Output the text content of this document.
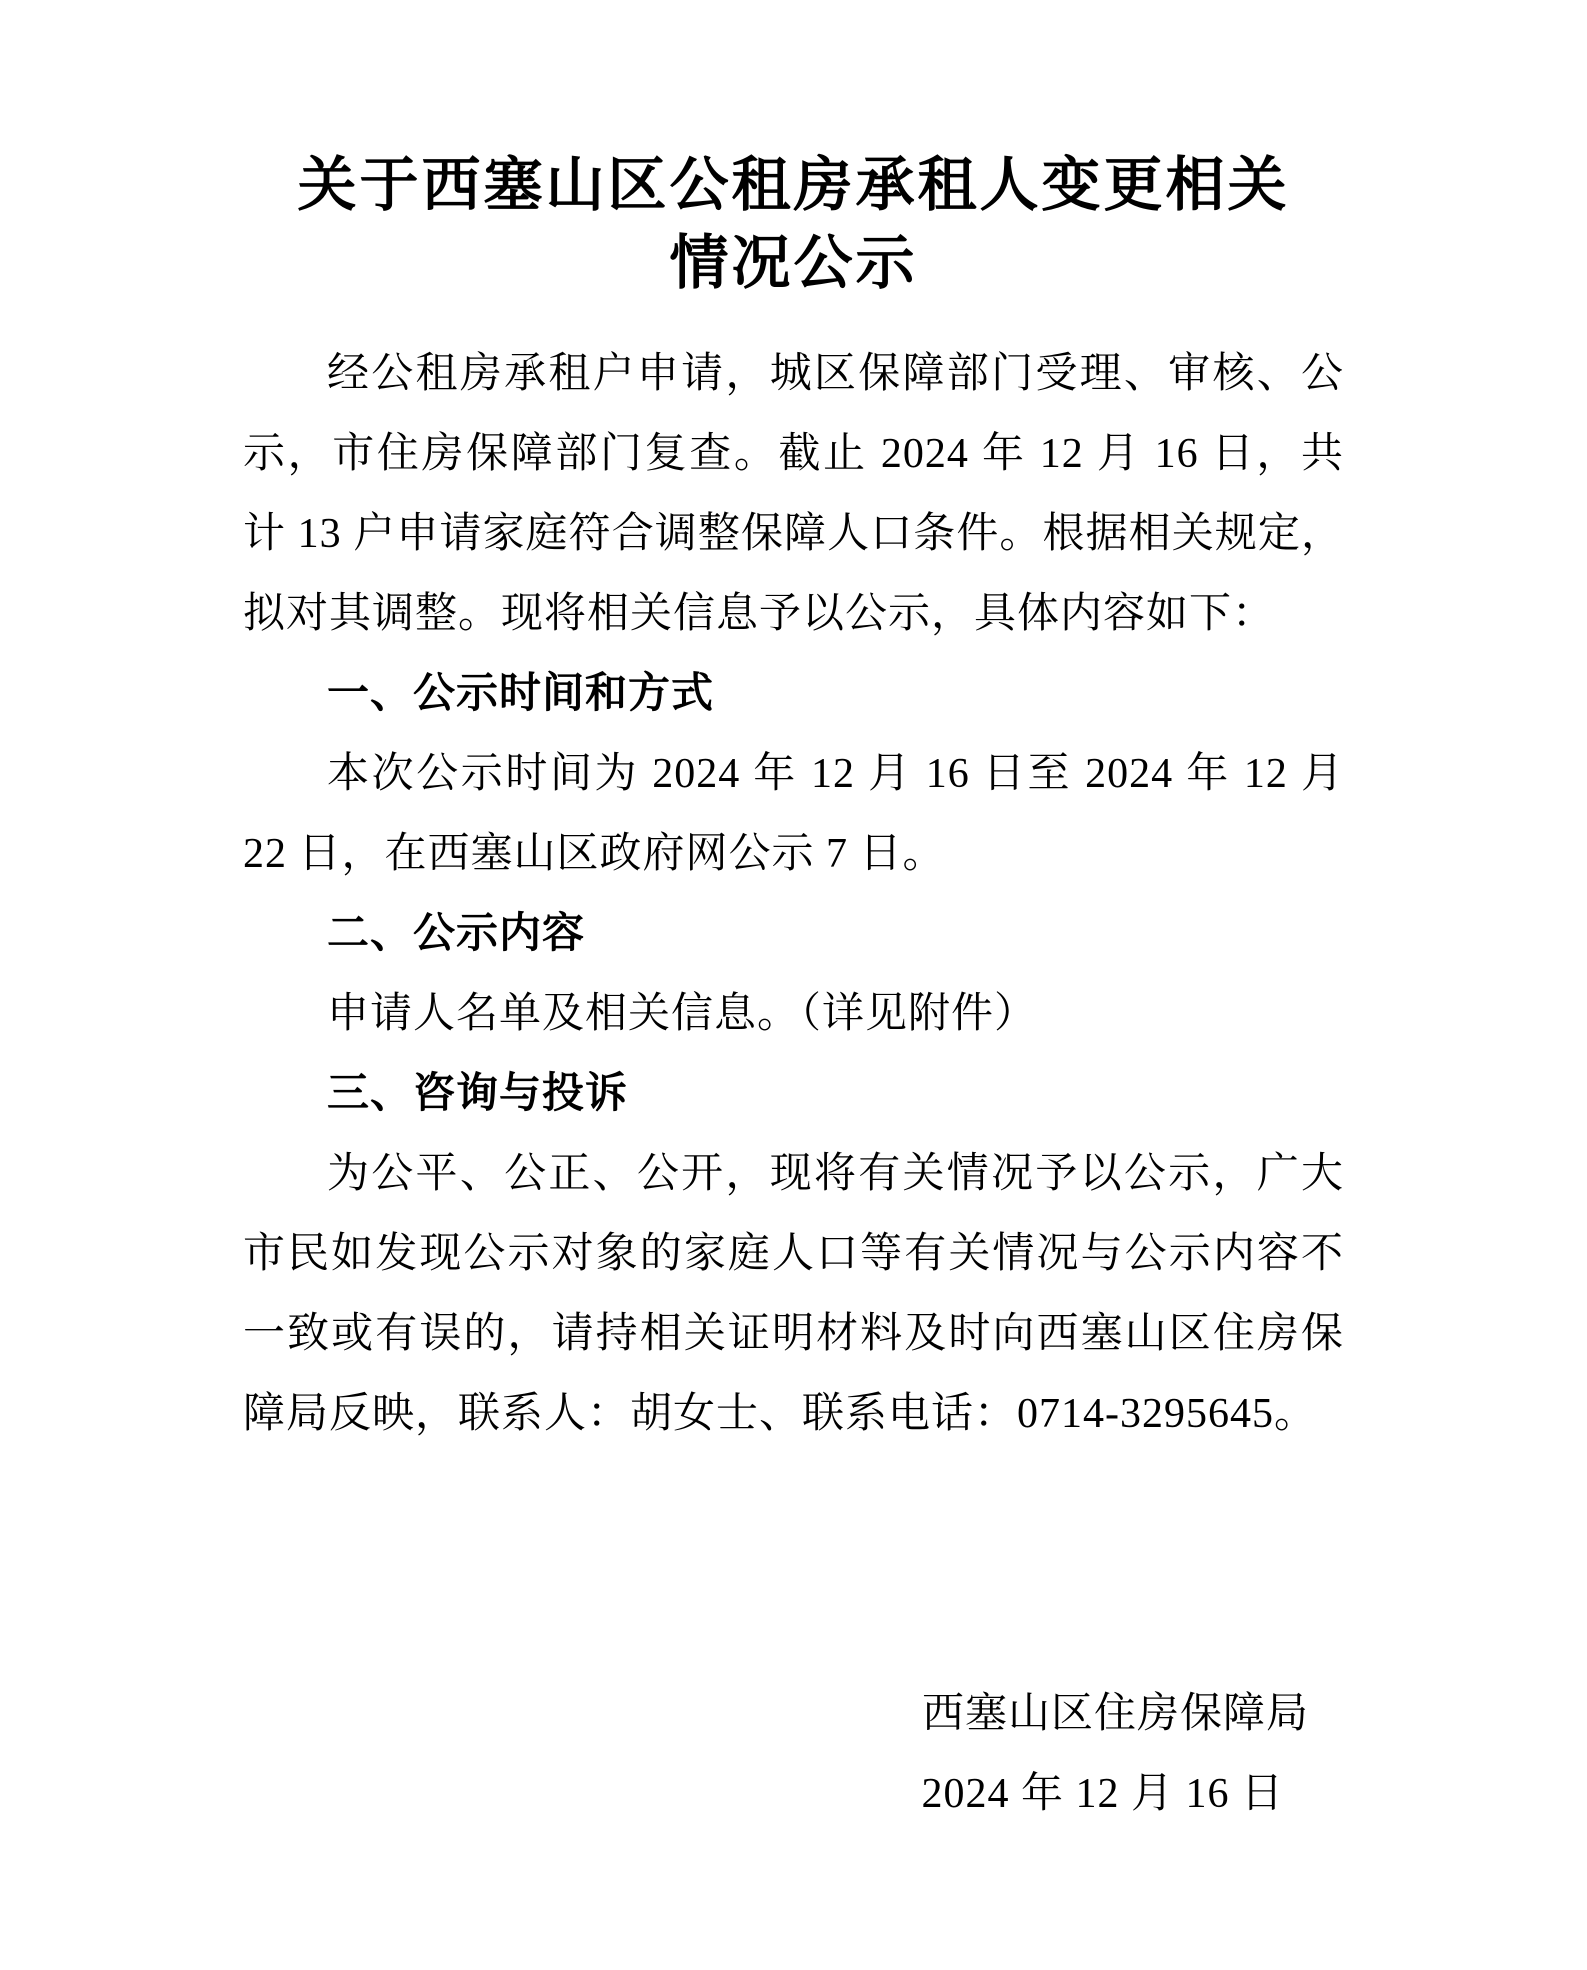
关于西塞山区公租房承租人变更相关
情况公示

经公租房承租户申请，城区保障部门受理、审核、公示，市住房保障部门复查。截止 2024 年 12 月 16 日，共计 13 户申请家庭符合调整保障人口条件。根据相关规定，拟对其调整。现将相关信息予以公示，具体内容如下：

一、公示时间和方式

本次公示时间为 2024 年 12 月 16 日至 2024 年 12 月 22 日，在西塞山区政府网公示 7 日。

二、公示内容

申请人名单及相关信息。（详见附件）

三、咨询与投诉

为公平、公正、公开，现将有关情况予以公示，广大市民如发现公示对象的家庭人口等有关情况与公示内容不一致或有误的，请持相关证明材料及时向西塞山区住房保障局反映，联系人：胡女士、联系电话：0714-3295645。

西塞山区住房保障局
2024 年 12 月 16 日
